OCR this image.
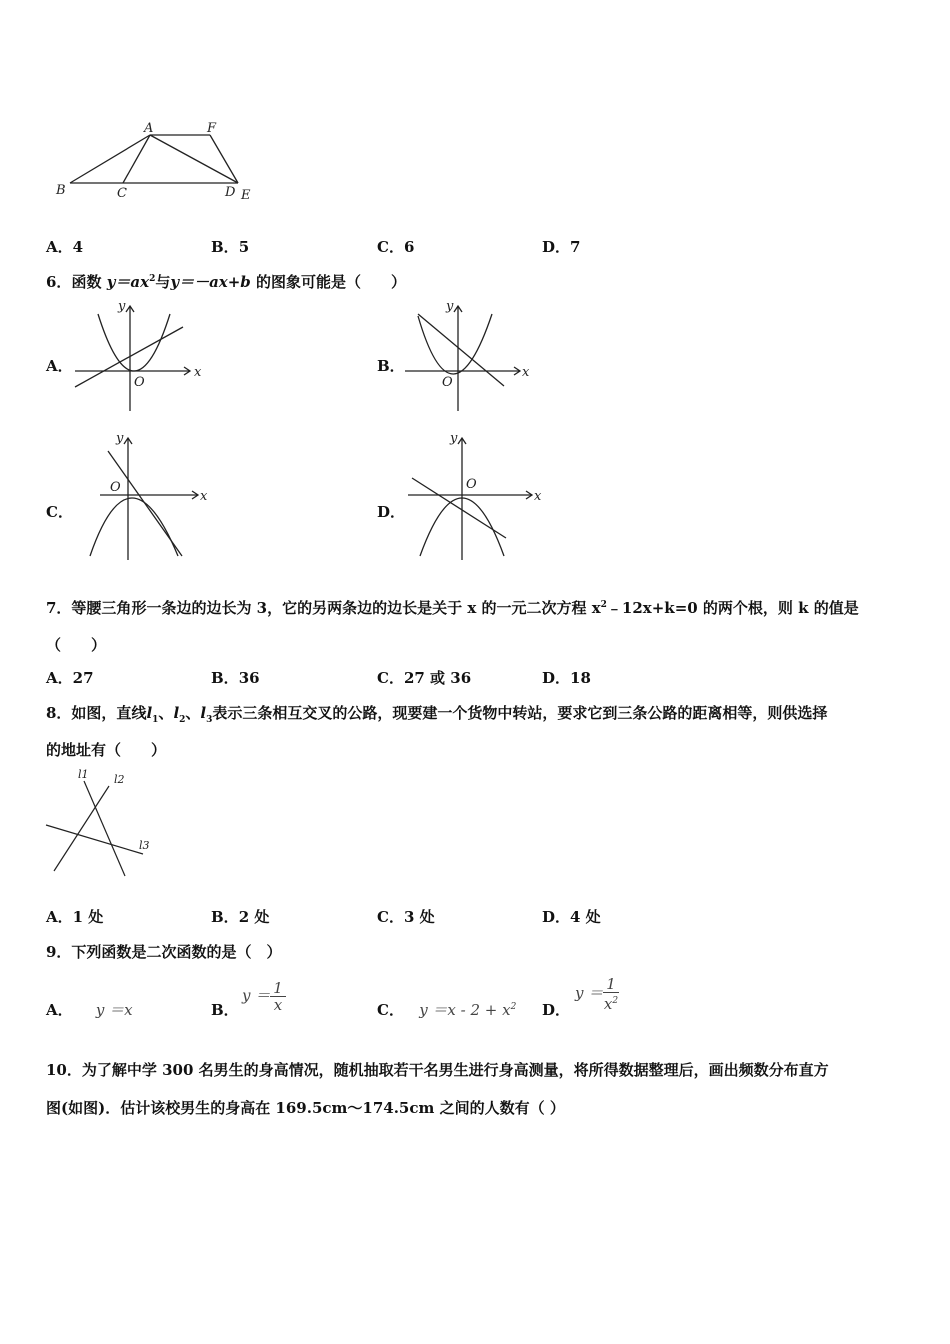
A	F
B	C	D E
A．4	B．5	C．6	D．7
6．函数 $y=ax^2$与y＝－ax+b 的图象可能是（　　）
A．
y
x
O
B．
y
x
O
C．
y
x
O
D．
y
x
O
7．等腰三角形一条边的边长为 3，它的另两条边的边长是关于 x 的一元二次方程 $x^2﹣12x+k=0$ 的两个根，则 k 的值是
（　　）
A．27	B．36	C．27 或 36	D．18
8．如图，直线$l_1$、$l_2$、$l_3$表示三条相互交叉的公路，现要建一个货物中转站，要求它到三条公路的距离相等，则供选择
的地址有（　　）
l1 l2
l3
A．1 处	B．2 处	C．3 处	D．4 处
9．下列函数是二次函数的是（　）
A． y ＝x	B．
$y = \frac{1}{x}$	C． $y =x - 2 + x^2$ D．
$y = \frac{1}{x^2}$
10．为了解中学 300 名男生的身高情况，随机抽取若干名男生进行身高测量，将所得数据整理后，画出频数分布直方
图(如图)．估计该校男生的身高在 169.5cm～174.5cm 之间的人数有（ ）
